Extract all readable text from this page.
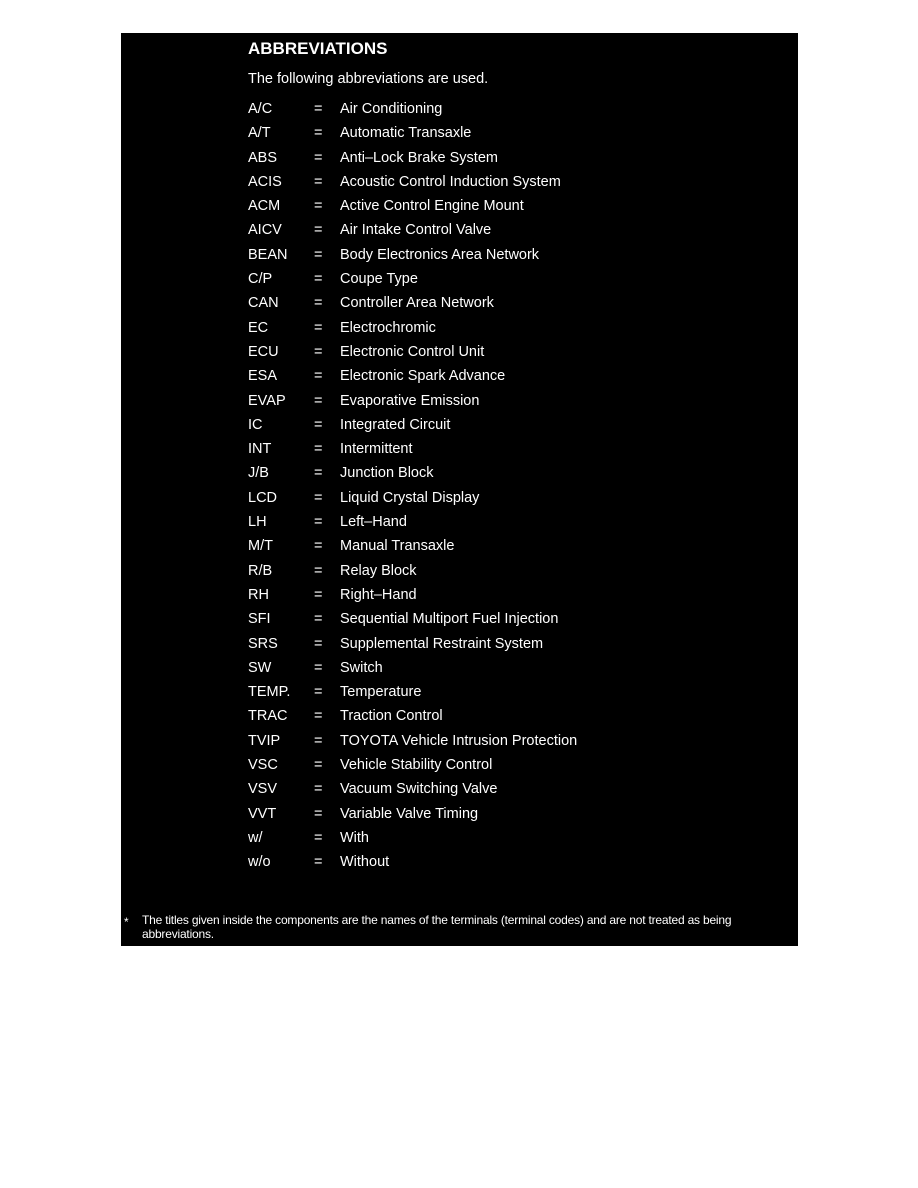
ABBREVIATIONS

The following abbreviations are used.

A/C	= Air Conditioning
A/T	= Automatic Transaxle
ABS	= Anti–Lock Brake System
ACIS = Acoustic Control Induction System
ACM = Active Control Engine Mount
AICV = Air Intake Control Valve
BEAN = Body Electronics Area Network
C/P	= Coupe Type
CAN = Controller Area Network
EC	= Electrochromic
ECU = Electronic Control Unit
ESA	= Electronic Spark Advance
EVAP = Evaporative Emission
IC	= Integrated Circuit
INT	= Intermittent
J/B	= Junction Block
LCD	= Liquid Crystal Display
LH	= Left–Hand
M/T	= Manual Transaxle
R/B	= Relay Block
RH	= Right–Hand
SFI	= Sequential Multiport Fuel Injection
SRS = Supplemental Restraint System
SW	= Switch
TEMP. = Temperature
TRAC = Traction Control
TVIP = TOYOTA Vehicle Intrusion Protection
VSC = Vehicle Stability Control
VSV	= Vacuum Switching Valve
VVT	= Variable Valve Timing
w/	= With
w/o	= Without
* The titles given inside the components are the names of the terminals (terminal codes) and are not treated as being abbreviations.
